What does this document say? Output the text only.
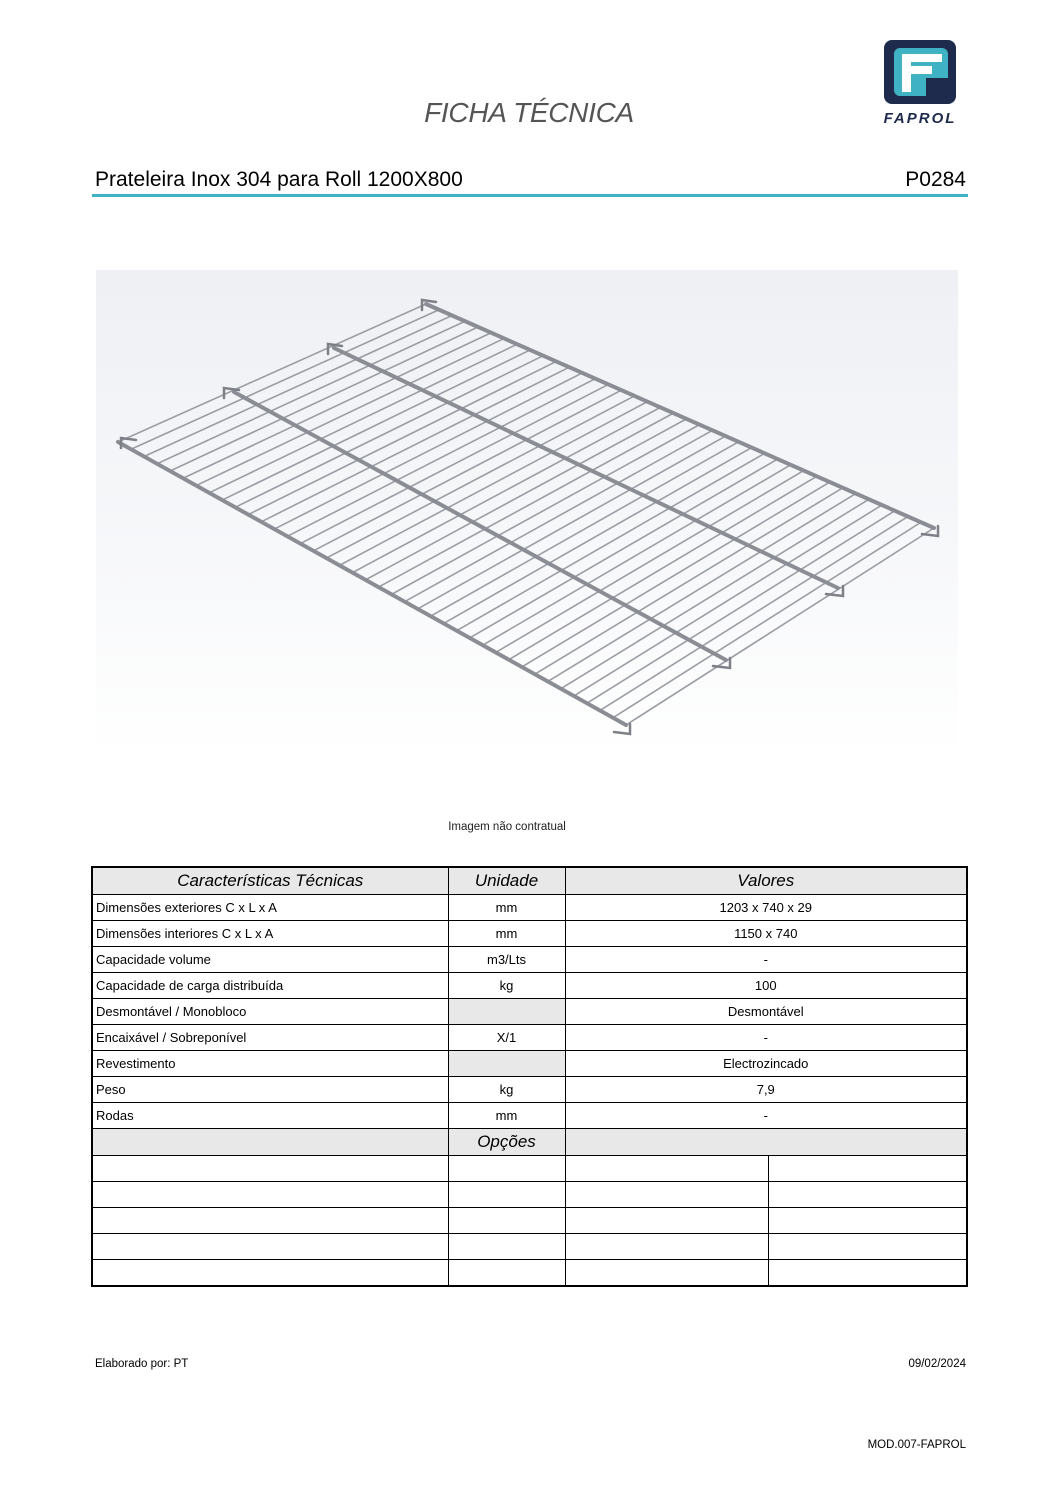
FICHA TÉCNICA	FAPROL
Prateleira Inox 304 para Roll 1200X800	P0284
Imagem não contratual
Características Técnicas	Unidade	Valores	
Dimensões exteriores C x L x A	mm	1203 x 740 x 29	
Dimensões interiores C x L x A	mm	1150 x 740	
Capacidade volume	m3/Lts	-	
Capacidade de carga distribuída	kg	100	
Desmontável / Monobloco		Desmontável	
Encaixável / Sobreponível	X/1	-	
Revestimento		Electrozincado	
Peso	kg	7,9	
Rodas	mm	-	
	Opções		

Elaborado por: PT	09/02/2024
MOD.007-FAPROL
